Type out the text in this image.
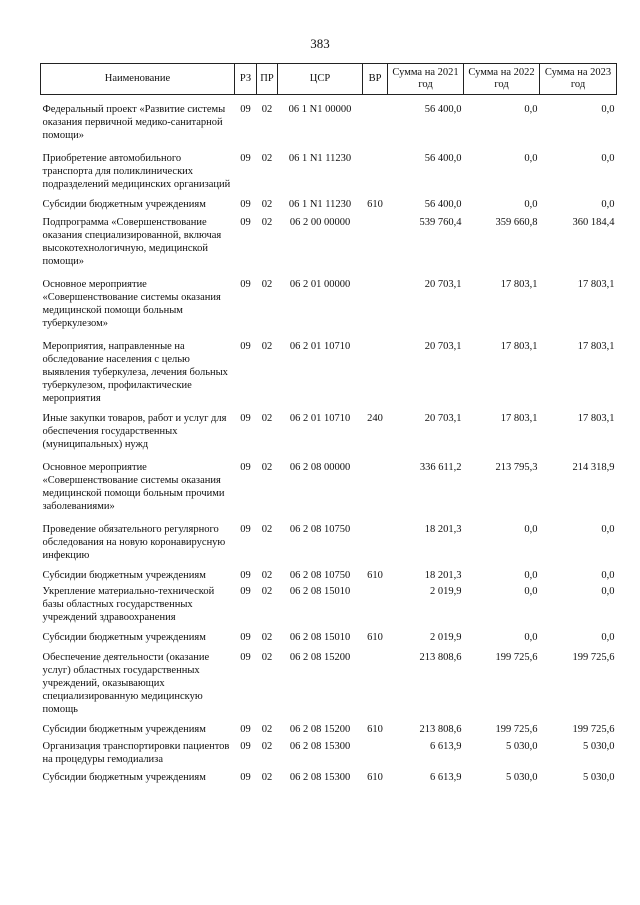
383
Наименование	РЗ	ПР	ЦСР	ВР	Сумма на 2021 год	Сумма на 2022 год	Сумма на 2023 год
Федеральный проект «Развитие системы оказания первичной медико-санитарной помощи»	09	02	06 1 N1 00000		56 400,0	0,0	0,0
Приобретение автомобильного транспорта для поликлинических подразделений медицинских организаций	09	02	06 1 N1 11230		56 400,0	0,0	0,0
Субсидии бюджетным учреждениям	09	02	06 1 N1 11230	610	56 400,0	0,0	0,0
Подпрограмма «Совершенствование оказания специализированной, включая высокотехнологичную, медицинской помощи»	09	02	06 2 00 00000		539 760,4	359 660,8	360 184,4
Основное мероприятие «Совершенствование системы оказания медицинской помощи больным туберкулезом»	09	02	06 2 01 00000		20 703,1	17 803,1	17 803,1
Мероприятия, направленные на обследование населения с целью выявления туберкулеза, лечения больных туберкулезом, профилактические мероприятия	09	02	06 2 01 10710		20 703,1	17 803,1	17 803,1
Иные закупки товаров, работ и услуг для обеспечения государственных (муниципальных) нужд	09	02	06 2 01 10710	240	20 703,1	17 803,1	17 803,1
Основное мероприятие «Совершенствование системы оказания медицинской помощи больным прочими заболеваниями»	09	02	06 2 08 00000		336 611,2	213 795,3	214 318,9
Проведение обязательного регулярного обследования на новую коронавирусную инфекцию	09	02	06 2 08 10750		18 201,3	0,0	0,0
Субсидии бюджетным учреждениям	09	02	06 2 08 10750	610	18 201,3	0,0	0,0
Укрепление материально-технической базы областных государственных учреждений здравоохранения	09	02	06 2 08 15010		2 019,9	0,0	0,0
Субсидии бюджетным учреждениям	09	02	06 2 08 15010	610	2 019,9	0,0	0,0
Обеспечение деятельности (оказание услуг) областных государственных учреждений, оказывающих специализированную медицинскую помощь	09	02	06 2 08 15200		213 808,6	199 725,6	199 725,6
Субсидии бюджетным учреждениям	09	02	06 2 08 15200	610	213 808,6	199 725,6	199 725,6
Организация транспортировки пациентов на процедуры гемодиализа	09	02	06 2 08 15300		6 613,9	5 030,0	5 030,0
Субсидии бюджетным учреждениям	09	02	06 2 08 15300	610	6 613,9	5 030,0	5 030,0
